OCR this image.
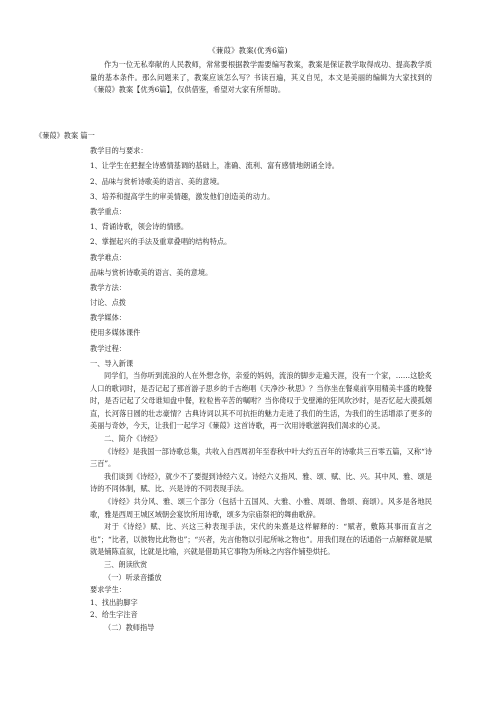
《蒹葭》教案(优秀6篇)

作为一位无私奉献的人民教师，常常要根据教学需要编写教案，教案是保证教学取得成功、提高教学质量的基本条件。那么问题来了，教案应该怎么写？书读百遍，其义自见，本文是美丽的编辑为大家找到的《蒹葭》教案【优秀6篇】，仅供借鉴，希望对大家有所帮助。

《蒹葭》教案 篇一
教学目的与要求：
1、让学生在把握全诗感情基调的基础上，准确、流利、富有感情地朗诵全诗。
2、品味与赏析诗歌美的语言、美的意境。
3、培养和提高学生的审美情趣，激发他们创造美的动力。
教学重点：
1、背诵诗歌，领会诗的情感。
2、掌握起兴的手法及重章叠唱的结构特点。
教学难点：
品味与赏析诗歌美的语言、美的意境。
教学方法：
讨论、点拨
教学媒体：
使用多媒体课件
教学过程：
一、导入新课

同学们，当你听到流浪的人在外想念你，亲爱的妈妈，流浪的脚步走遍天涯，没有一个家，……这脍炙人口的歌词时，是否记起了那首游子思乡的千古绝唱《天净沙·秋思》？当你坐在餐桌前享用精美丰盛的晚餐时，是否记起了父母谁知盘中餐，粒粒皆辛苦的嘱咐？当你倚叹于戈壁滩的狂风吹沙时，是否忆起大漠孤烟直，长河落日圆的壮志豪情？古典诗词以其不可抗拒的魅力走进了我们的生活，为我们的生活增添了更多的美丽与奇妙，今天，让我们一起学习《蒹葭》这首诗歌，再一次用诗歌滋润我们渴求的心灵。

二、简介《诗经》

《诗经》是我国一部诗歌总集，共收入自西周初年至春秋中叶大约五百年的诗歌共三百零五篇，又称“诗三百”。

我们谈到《诗经》，就少不了要提到诗经六义。诗经六义指风、雅、颂、赋、比、兴。其中风、雅、颂是诗的不同体制，赋、比、兴是诗的不同表现手法。

《诗经》共分风、雅、颂三个部分（包括十五国风、大雅、小雅、周颂、鲁颂、商颂）。风多是各地民歌，雅是西周王城区域朝会宴饮所用诗歌，颂多为宗庙祭祀的舞曲歌辞。

对于《诗经》赋、比、兴这三种表现手法，宋代的朱熹是这样解释的：“赋者，敷陈其事而直言之也”；“比者，以彼物比此物也”；“兴者，先言他物以引起所咏之物也”。用我们现在的话通俗一点解释就是赋就是铺陈直叙，比就是比喻，兴就是借助其它事物为所咏之内容作铺垫烘托。

三、朗读欣赏
（一）听录音播放
要求学生：
1、找出韵脚字
2、给生字注音
（二）教师指导
